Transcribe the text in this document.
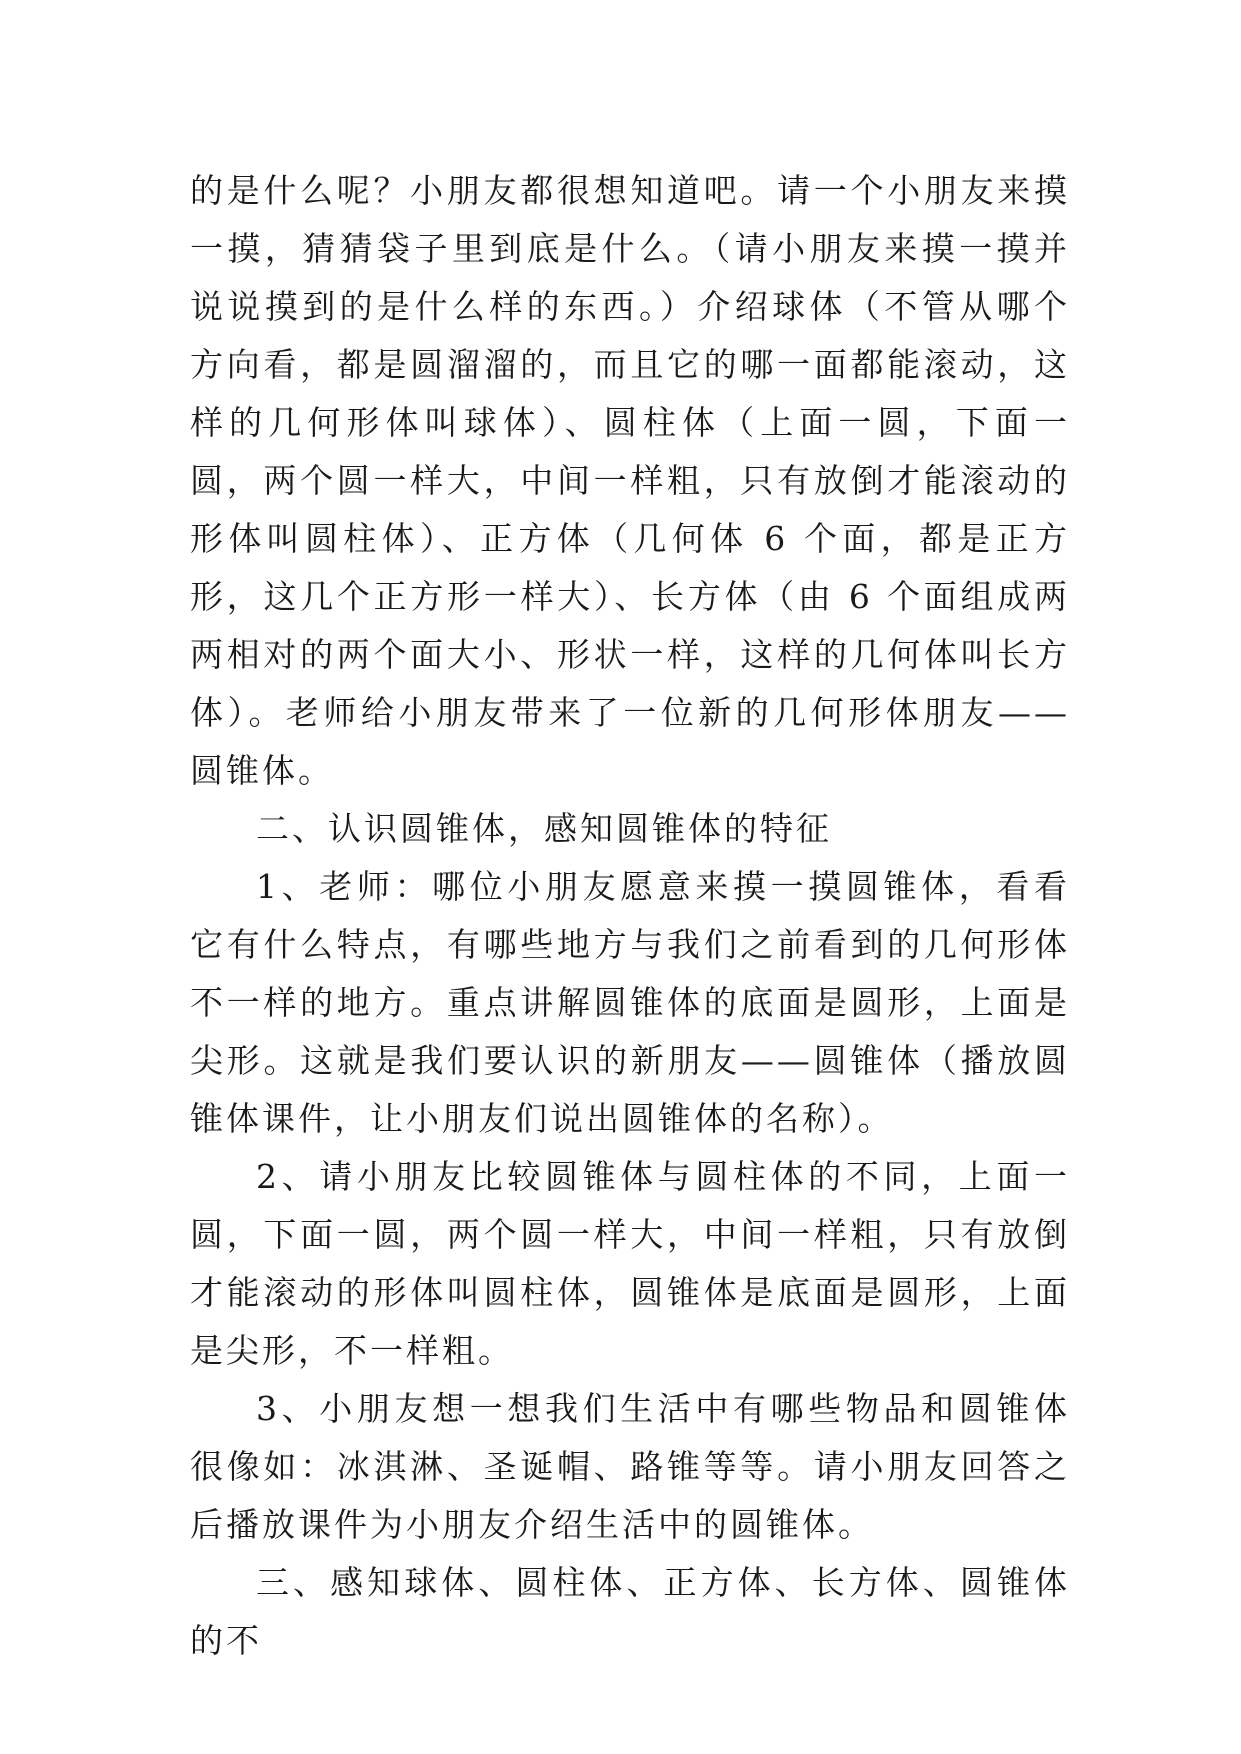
的是什么呢？小朋友都很想知道吧。请一个小朋友来摸一摸，猜猜袋子里到底是什么。（请小朋友来摸一摸并说说摸到的是什么样的东西。）介绍球体（不管从哪个方向看，都是圆溜溜的，而且它的哪一面都能滚动，这样的几何形体叫球体）、圆柱体（上面一圆，下面一圆，两个圆一样大，中间一样粗，只有放倒才能滚动的形体叫圆柱体）、正方体（几何体 6 个面，都是正方形，这几个正方形一样大）、长方体（由 6 个面组成两两相对的两个面大小、形状一样，这样的几何体叫长方体）。老师给小朋友带来了一位新的几何形体朋友——圆锥体。

二、认识圆锥体，感知圆锥体的特征

1、老师：哪位小朋友愿意来摸一摸圆锥体，看看它有什么特点，有哪些地方与我们之前看到的几何形体不一样的地方。重点讲解圆锥体的底面是圆形，上面是尖形。这就是我们要认识的新朋友——圆锥体（播放圆锥体课件，让小朋友们说出圆锥体的名称）。

2、请小朋友比较圆锥体与圆柱体的不同，上面一圆，下面一圆，两个圆一样大，中间一样粗，只有放倒才能滚动的形体叫圆柱体，圆锥体是底面是圆形，上面是尖形，不一样粗。

3、小朋友想一想我们生活中有哪些物品和圆锥体很像如：冰淇淋、圣诞帽、路锥等等。请小朋友回答之后播放课件为小朋友介绍生活中的圆锥体。

三、感知球体、圆柱体、正方体、长方体、圆锥体的不
